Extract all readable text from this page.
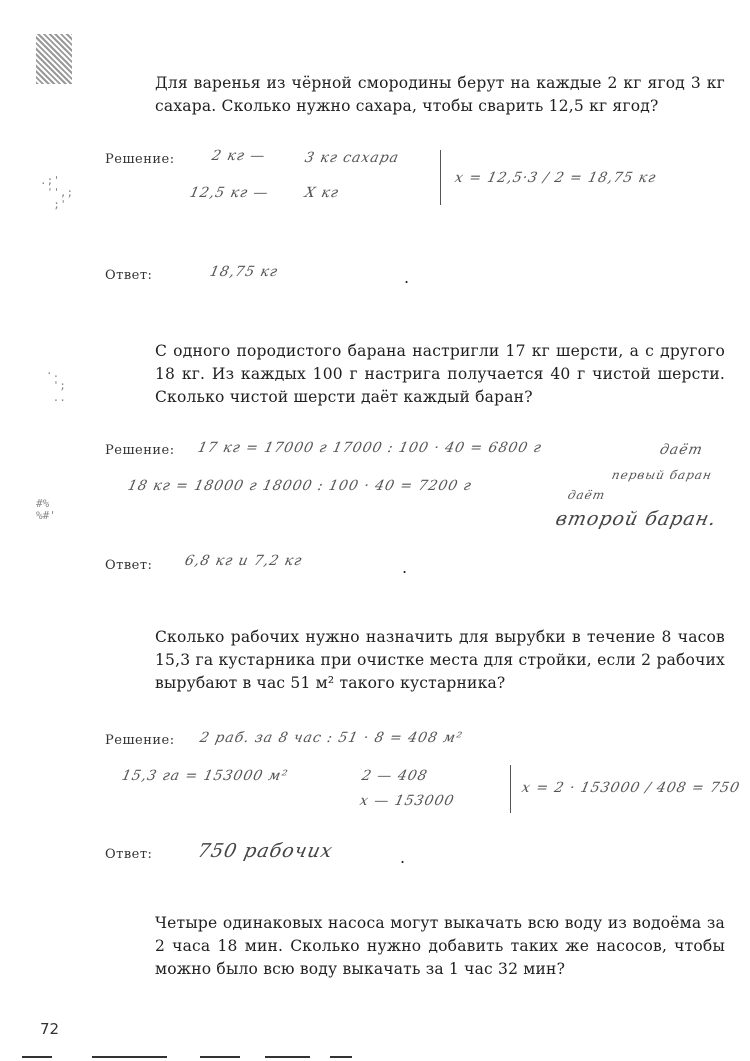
Для варенья из чёрной смородины берут на каждые 2 кг ягод 3 кг сахара. Сколько нужно сахара, чтобы сварить 12,5 кг ягод?
Решение:	2 кг —	3 кг сахара
12,5 кг — Х кг
х = 12,5·3 / 2 = 18,75 кг
Ответ:	18,75 кг	.
С одного породистого барана настригли 17 кг шерсти, а с другого 18 кг. Из каждых 100 г настрига получается 40 г чистой шерсти. Сколько чистой шерсти даёт каждый баран?
Решение: 17 кг = 17000 г 17000 : 100 · 40 = 6800 г	даёт
18 кг = 18000 г 18000 : 100 · 40 = 7200 г
первый баран
даёт
второй баран.
Ответ: 6,8 кг и 7,2 кг	.
Сколько рабочих нужно назначить для вырубки в течение 8 часов 15,3 га кустарника при очистке места для стройки, если 2 рабочих вырубают в час 51 м² такого кустарника?
Решение: 2 раб. за 8 час : 51 · 8 = 408 м²
15,3 га = 153000 м²	2 — 408
х — 153000
х = 2 · 153000 / 408 = 750
Ответ: 750 рабочих	.
Четыре одинаковых насоса могут выкачать всю воду из водоёма за 2 часа 18 мин. Сколько нужно добавить таких же насосов, чтобы можно было всю воду выкачать за 1 час 32 мин?
.;'
'',;
;'
·.
';
..
#%
%#'
72
